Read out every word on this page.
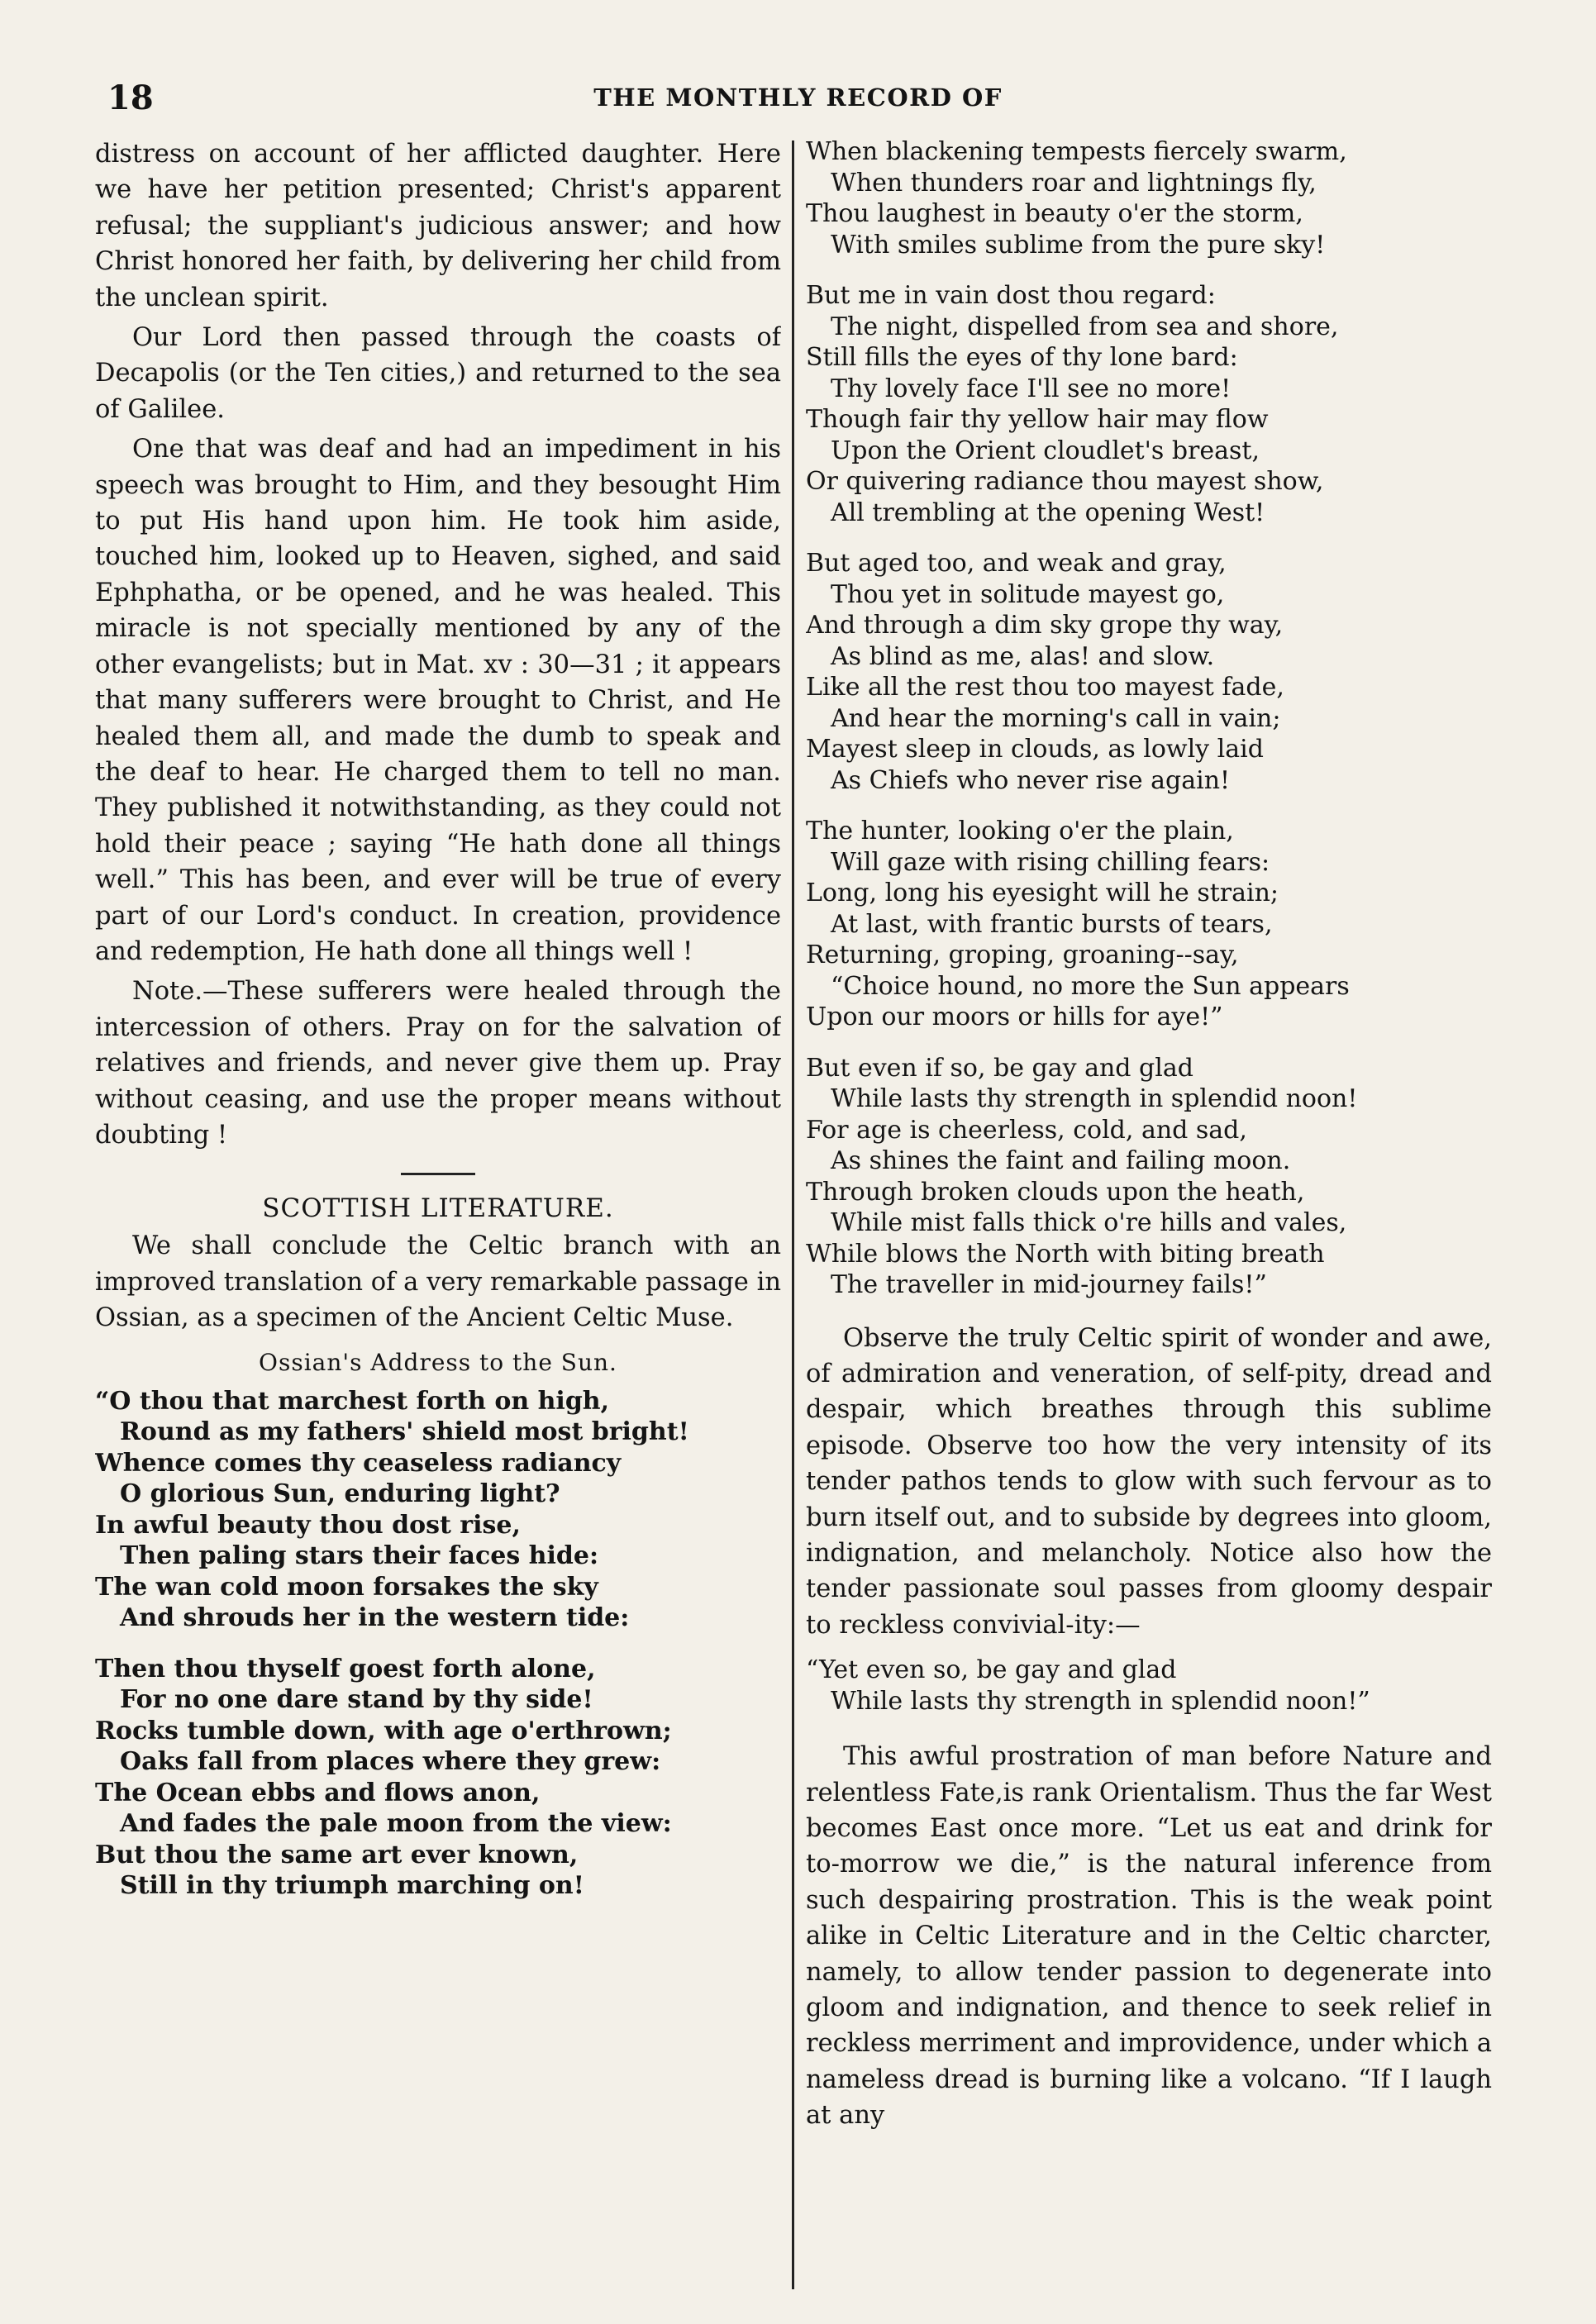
18	THE MONTHLY RECORD OF

distress on account of her afflicted daughter. Here we have her petition presented; Christ's apparent refusal; the suppliant's judicious answer; and how Christ honored her faith, by delivering her child from the unclean spirit.

Our Lord then passed through the coasts of Decapolis (or the Ten cities,) and returned to the sea of Galilee.

One that was deaf and had an impediment in his speech was brought to Him, and they besought Him to put His hand upon him. He took him aside, touched him, looked up to Heaven, sighed, and said Ephphatha, or be opened, and he was healed. This miracle is not specially mentioned by any of the other evangelists; but in Mat. xv : 30—31 ; it appears that many sufferers were brought to Christ, and He healed them all, and made the dumb to speak and the deaf to hear. He charged them to tell no man. They published it notwithstanding, as they could not hold their peace ; saying “He hath done all things well.” This has been, and ever will be true of every part of our Lord's conduct. In creation, providence and redemption, He hath done all things well !

Note.—These sufferers were healed through the intercession of others. Pray on for the salvation of relatives and friends, and never give them up. Pray without ceasing, and use the proper means without doubting !

SCOTTISH LITERATURE.

We shall conclude the Celtic branch with an improved translation of a very remarkable passage in Ossian, as a specimen of the Ancient Celtic Muse.

Ossian's Address to the Sun.
“O thou that marchest forth on high,
Round as my fathers' shield most bright!
Whence comes thy ceaseless radiancy
O glorious Sun, enduring light?
In awful beauty thou dost rise,
Then paling stars their faces hide:
The wan cold moon forsakes the sky
And shrouds her in the western tide:
Then thou thyself goest forth alone,
For no one dare stand by thy side!
Rocks tumble down, with age o'erthrown;
Oaks fall from places where they grew:
The Ocean ebbs and flows anon,
And fades the pale moon from the view:
But thou the same art ever known,
Still in thy triumph marching on!
When blackening tempests fiercely swarm,
When thunders roar and lightnings fly,
Thou laughest in beauty o'er the storm,
With smiles sublime from the pure sky!
But me in vain dost thou regard:
The night, dispelled from sea and shore,
Still fills the eyes of thy lone bard:
Thy lovely face I'll see no more!
Though fair thy yellow hair may flow
Upon the Orient cloudlet's breast,
Or quivering radiance thou mayest show,
All trembling at the opening West!
But aged too, and weak and gray,
Thou yet in solitude mayest go,
And through a dim sky grope thy way,
As blind as me, alas! and slow.
Like all the rest thou too mayest fade,
And hear the morning's call in vain;
Mayest sleep in clouds, as lowly laid
As Chiefs who never rise again!
The hunter, looking o'er the plain,
Will gaze with rising chilling fears:
Long, long his eyesight will he strain;
At last, with frantic bursts of tears,
Returning, groping, groaning--say,
“Choice hound, no more the Sun appears
Upon our moors or hills for aye!”
But even if so, be gay and glad
While lasts thy strength in splendid noon!
For age is cheerless, cold, and sad,
As shines the faint and failing moon.
Through broken clouds upon the heath,
While mist falls thick o're hills and vales,
While blows the North with biting breath
The traveller in mid-journey fails!”

Observe the truly Celtic spirit of wonder and awe, of admiration and veneration, of self-pity, dread and despair, which breathes through this sublime episode. Observe too how the very intensity of its tender pathos tends to glow with such fervour as to burn itself out, and to subside by degrees into gloom, indignation, and melancholy. Notice also how the tender passionate soul passes from gloomy despair to reckless convivial-ity:—

“Yet even so, be gay and glad
While lasts thy strength in splendid noon!”

This awful prostration of man before Nature and relentless Fate,is rank Orientalism. Thus the far West becomes East once more. “Let us eat and drink for to-morrow we die,” is the natural inference from such despairing prostration. This is the weak point alike in Celtic Literature and in the Celtic charcter, namely, to allow tender passion to degenerate into gloom and indignation, and thence to seek relief in reckless merriment and improvidence, under which a nameless dread is burning like a volcano. “If I laugh at any
